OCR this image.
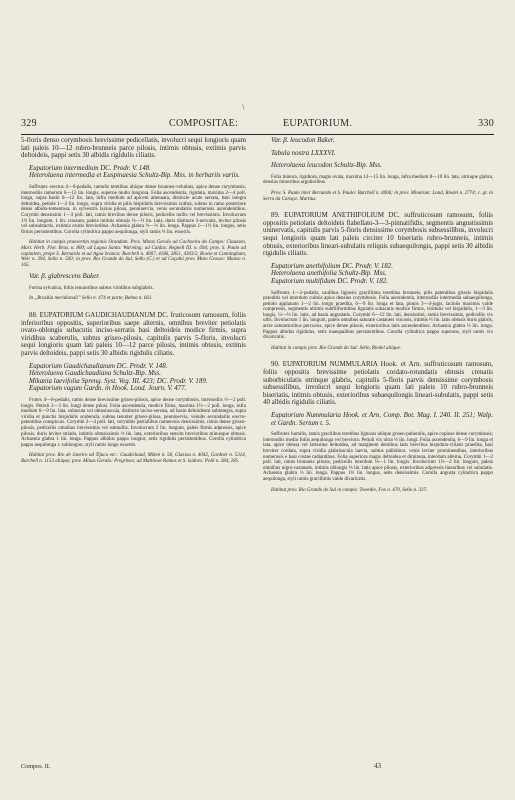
\
329	COMPOSITAE:	EUPATORIUM.	330

5-floris denso corymbosis brevissime pedicellatis, involucri sequi longioris quam lati paleis 10—12 rubro-brunneis parce pilosis, intimis obtusis, extimis parvis deltoideis, pappi setis 30 albidis rigidulis ciliatis.

Eupatorium intermedium DC. Prodr. V. 148.

Heterolaena intermedia et Euspinaesia Schultz-Bip. Mss. in herbariis variis.

Suffrutex erectus 4—6-pedalis, ramulis teretibus ubique dense brunneo-velutinis, apice dense corymbosis; internodiis ramorum 6—12 lin. longis, superne multo longiora. Folia ascendentia, rigidula, maxima 2—4 poll. longa, supra basin 6—12 lin. lata, infra medium ad apicem attenuata, distincte acute serrata, basi integra deltoidea, petiole 1—2 lin. longo, supra viridia et pilis hispidulis brevissimis scabra, subtus in ramo posteriore dense albido-tomentosa, in sylvestris laxius pilosa, penninervia, venis secundariis numerosis ascendentibus. Corymbi densissimi 1—3 poll. lati, ramis brevibus dense pilosis, pedicellis nullis vel brevissimis. Involucrum 1½ lin. longum, 1 lin. crassum, paleis intimis obtusis ⅓—½ lin. latis, duris distincte 3-nervatis, leviter pilosis vel subsubtactis, extimis ovatis brevioribus. Achaenia glabra ½—⅔ lin. longa. Pappus 1—1½ lin. longus, setis firmis persistentibus. Corolla cylindrica pappo aequilonga, styli ramis ⅓ lin. exsertis.

Habitat in campis praesertim regionis Orandum. Prov. Minas Geraës ad Cachoeira do Campo: Claussen, Mart. Herb. Flor. Bras. n. 800; ad Lagoa Santa: Warming; ad Caldas: Regnell III. n. 694; prov. S. Paulo ad capitalem, prope S. Bernardo et ad Agoa branca: Burchell n. 4067, 4186, 3851, 4303/2, Bowie et Cunningham, Weir n. 394, Sello n. 560; in prov. Rio Grande do Sul, Sello (C.) et ad Caçuhú prov. Mato Grosso: Manso n. 165.

Var. β. glabrescens Baker.

Forma sylvatica, foliis tenuioribus subtus viridibus subglabris.

In „Brasilia meridionali” Sello n. 474 et parte, Bahea n. 661.

88. EUPATORIUM GAUDICHAUDIANUM DC. fruticosum ramosum, foliis inferioribus oppositis, superioribus saepe alternis, omnibus breviter petiolatis ovato-oblongis subacutis inciso-serratis basi deltoideis modice firmis, supra viridibus scaberulis, subtus griseo-pilosis, capitulis parvis 5-floris, involucri sequi longioris quam lati paleis 10—12 parce pilosis, intimis obtusis, extimis parvis deltoideis, pappi setis 30 albidis rigidulis ciliatis.

Eupatorium Gaudichaudianum DC. Prodr. V. 148.

Heterolaena Gaudichaudiana Schultz-Bip. Mss.

Mikania laevifolia Spreng. Syst. Veg. III. 423; DC. Prodr. V. 189.

Eupatorium vagum Gardn. in Hook. Lond. Journ. V. 477.

Frutex 4—8-pedalis, ramis dense brevissime griseo-pilosis, apice dense corymbosis, internodiis ½—2 poll. longis. Petioli 2—3 lin. longi dense pilosi. Folia ascendentia, modice firma, maxima 1½—2 poll. longa, infra medium 6—9 lin. lata, subacuta vel obtusiuscula, distincte inciso-serrata, ad basin deltoideum subintegra, supra viridia et punctis hispidulis scaberula, subtus tenuiter griseo-pilosa, penninervia, venulis secundariis erecto-patentibus conspicuis. Corymbi 2—4 poll. lati, corymbis partialibus numerosis densissimis, ramis dense griseo-pilosis, pedicellis omnibus brevissimis vel subnullis. Involucrum 2 lin. longum, paleis firmis adpressis, apice pilosis, duris leviter striatis, intimis obtusissimis ⅓ lin. lata, exterioribus sensim brevioribus minusque obtusis. Achaenia glabra 1 lin. longa. Pappus albidus pappo longior, setis rigidulis persistentibus. Corolla cylindrica pappo aequilonga r. sublongior, styli ramis longe exsertis.

Habitat prov. Rio de Janeiro ad Tijuca etc.: Gaudichaud, Miken n. 58, Glaziou n. 4042, Gardner n. 5314, Burchell n. 1153 aliique; prov. Minas Geraës: Pregrines; ad Mattlowe Ramos et S. Isidoro: Pohl n. 284, 285.

Var. β. leucodon Baker.

Tabula nostra LXXXVI.

Heterolaena leucodon Schultz-Bip. Mss.

Folia minora, rigidiora, magis ovata, maxima 12—15 lin. longa, infra medium 8—10 lin. lata, utrinque glabra, densius minoribus argutioribus.

Prov. S. Paulo inter Bernardo et S. Paulo: Burchell n. 4006; in prov. Minarum: Lund, Riedel n. 2774; c. gr. in Serra da Caraça: Martius.

89. EUPATORIUM ANETHIFOLIUM DC. suffruticosum ramosum, foliis oppositis petiolatis deltoideis flabellato-3—3-pinnatifidis, segmentis angustissimis uninervatis, capitulis parvis 5-floris densissime corymbosis subsessilibus, involucri sequi longioris quam lati paleis circiter 10 biseriatis rubro-brunneis, intimis obtusis, exterioribus lineari-subulatis reliquis subaequilongis, pappi setis 30 albidis rigidulis ciliatis.

Eupatorium anethifolium DC. Prodr. V. 182.

Heterolaena anethifolia Schultz-Bip. Mss.

Eupatorium multifidum DC. Prodr. V. 182.

Suffrutex 1—2-pedalis, caulibus lignosis gracillimis teretibus brunneis, pilis patentibus griseis hispidulis praeditis vel interdum culmis apice densius corymbosis. Folia ascendentia, internodiis intermedia subaequilonga, petiolo applanato 1—2 lin. longo praedita, 6—9 lin. longa et lata, pinnis 3—4-jugis, laciniis maximis valde compressis, segmentis ultimis subfiliformibus ligulatis subacutis modice firmis, viridulis vel hispidulis, 1—3 lin. longis, ¼—⅓ lin. latis, ad basin angustatis. Corymbi 6—12 lin. lati, densissimi, ramis brevissimis, pedicellis vix ullis. Involucrum 1 lin. longum, paleis omnibus saturate castaneis viscosis, intimis ⅓ lin. latis obtusis duris glabris, arcte saturatioribus percursis, apice dense pilosis, exterioribus latis ascendentibus. Achaenia glabra ⅓ lin. longa. Pappus albidus rigidulus, setis inaequalibus persistentibus. Corolla cylindrica pappo superans, styli ramis vix divaricatis.

Habitat in campis prov. Rio Grande do Sul: Sello, Riedel aliique.

90. EUPATORIUM NUMMULARIA Hook. et Arn. suffruticosum ramosum, foliis oppositis brevissime petiolatis cordato-rotundatis obtusis crenatis suborbiculatis utrinque glabris, capitulis 5-floris parvis densissime corymbosis subsessilibus, involucri sequi longioris quam lati paleis 10 rubro-brunneis biseriatis, intimis obtusis, exterioribus subaequilongis lineari-subulatis, pappi setis 40 albidis rigidulis ciliatis.

Eupatorium Nummularia Hook. et Arn. Comp. Bot. Mag. I. 240. II. 251; Walp. et Gardn. Sertum t. 5.

Suffrutex humilis, ramis gracilibus teretibus lignosis ubique griseo-puberulis, apice copiose dense corymbosis; internodiis medio foliis aequilonga vel breviora. Petioli vix ultra ⅓ lin. longi. Folia ascendentia, 6—9 lin. longa et lata, apice obtusa vel latissime deltoidea, ad marginem dentibus latis brevibus hispidulo-ciliatis praedita, basi breviter cordata, supra viridia glabriuscula laevia, subtus pallidiora, venis leviter prominentibus, interioribus numerosis e basi costae radiantibus. Folia superiora magis deltoidea et diminuta, interdum alterna. Corymbi 1—2 poll. lati, ramis brunneis pilosis, pedicellis interdum ⅛—1 lin. longis. Involucrum 1⅓—2 lin. longum, paleis omnibus nigro-castaneis, intimis oblongis ⅓ lin. latis apice pilosis, exterioribus adpressis linearibus vel subulatis. Achaenia glabra ⅔ lin. longa. Pappus 1⅓ lin. longus, setis densissimis. Corolla angusta cylindrica pappo aequilonga, styli ramis gracillimis valde divaricatis.

Habitat prov. Rio Grande do Sul in campis: Tweedie, Fox n. 470, Sello n. 337.

Compos. II.	43
